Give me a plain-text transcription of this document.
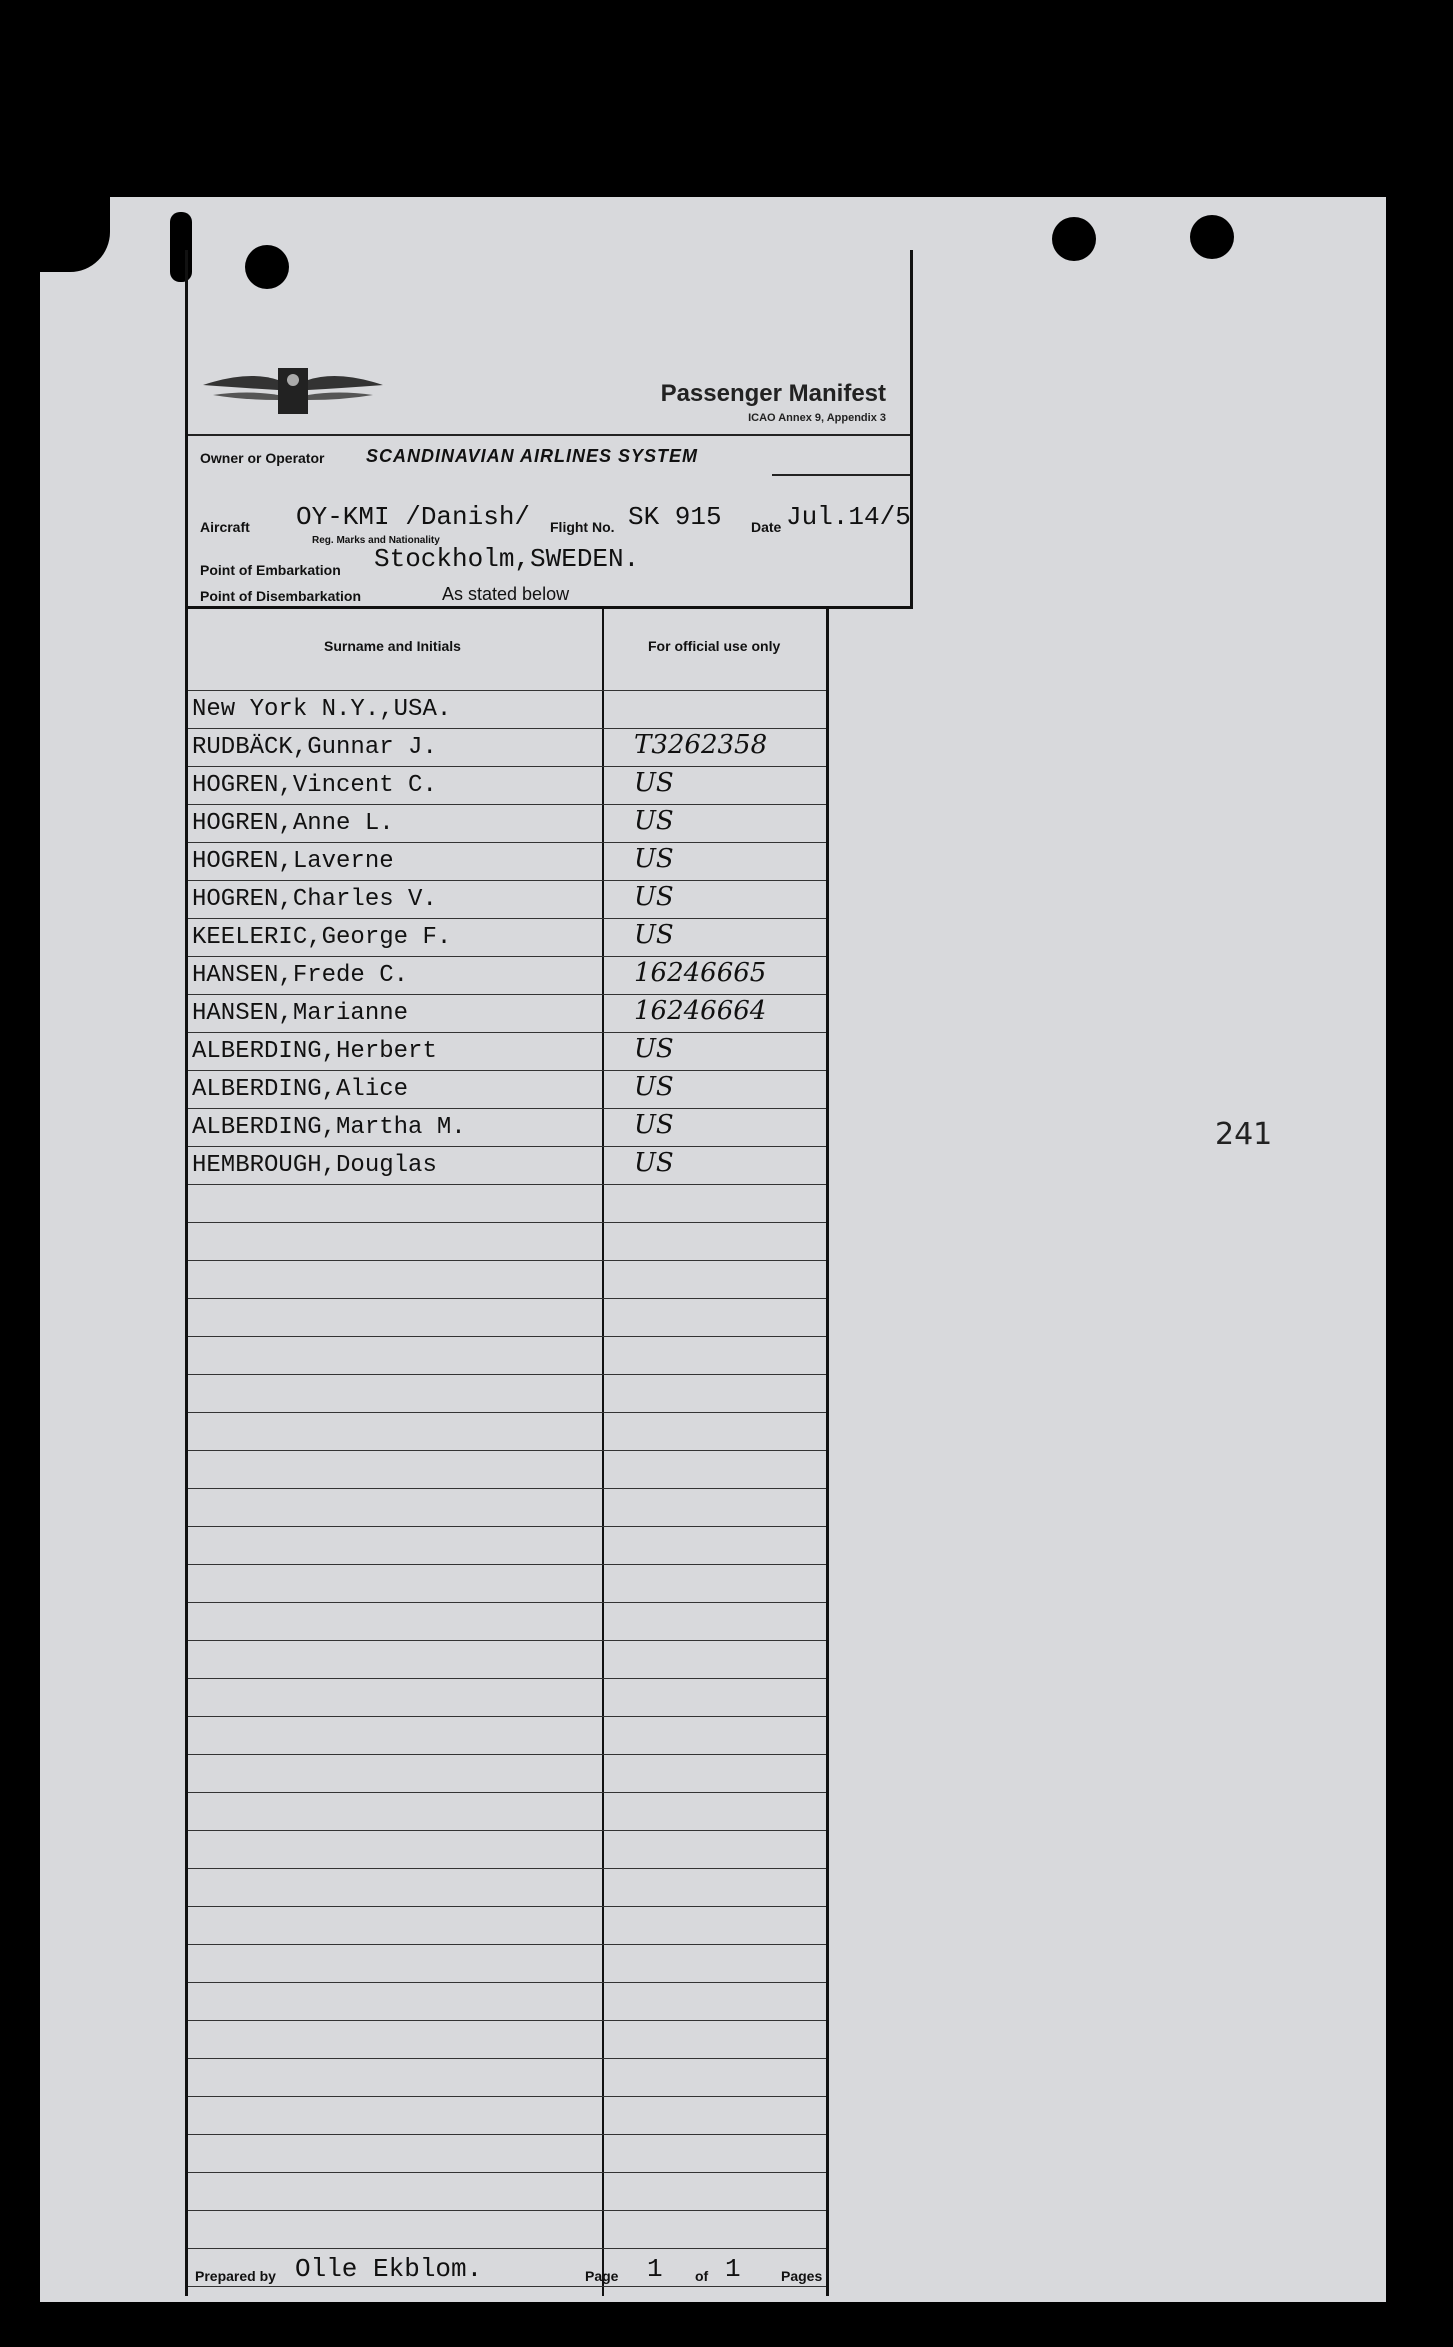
Passenger Manifest
ICAO Annex 9, Appendix 3
Owner or Operator SCANDINAVIAN AIRLINES SYSTEM
Aircraft OY-KMI /Danish/
Reg. Marks and Nationality
Flight No. SK 915 Date Jul.14/5
Point of Embarkation Stockholm,SWEDEN.
Point of Disembarkation	As stated below
Surname and Initials	For official use only
New York N.Y.,USA.
RUDBÄCK,Gunnar J.	T3262358
HOGREN,Vincent C.	US
HOGREN,Anne L.	US
HOGREN,Laverne	US
HOGREN,Charles V.	US
KEELERIC,George F.	US
HANSEN,Frede C.	16246665
HANSEN,Marianne	16246664
ALBERDING,Herbert	US
ALBERDING,Alice	US
ALBERDING,Martha M.	US
HEMBROUGH,Douglas	US
Prepared by Olle Ekblom.	Page 1 of 1	Pages
241
